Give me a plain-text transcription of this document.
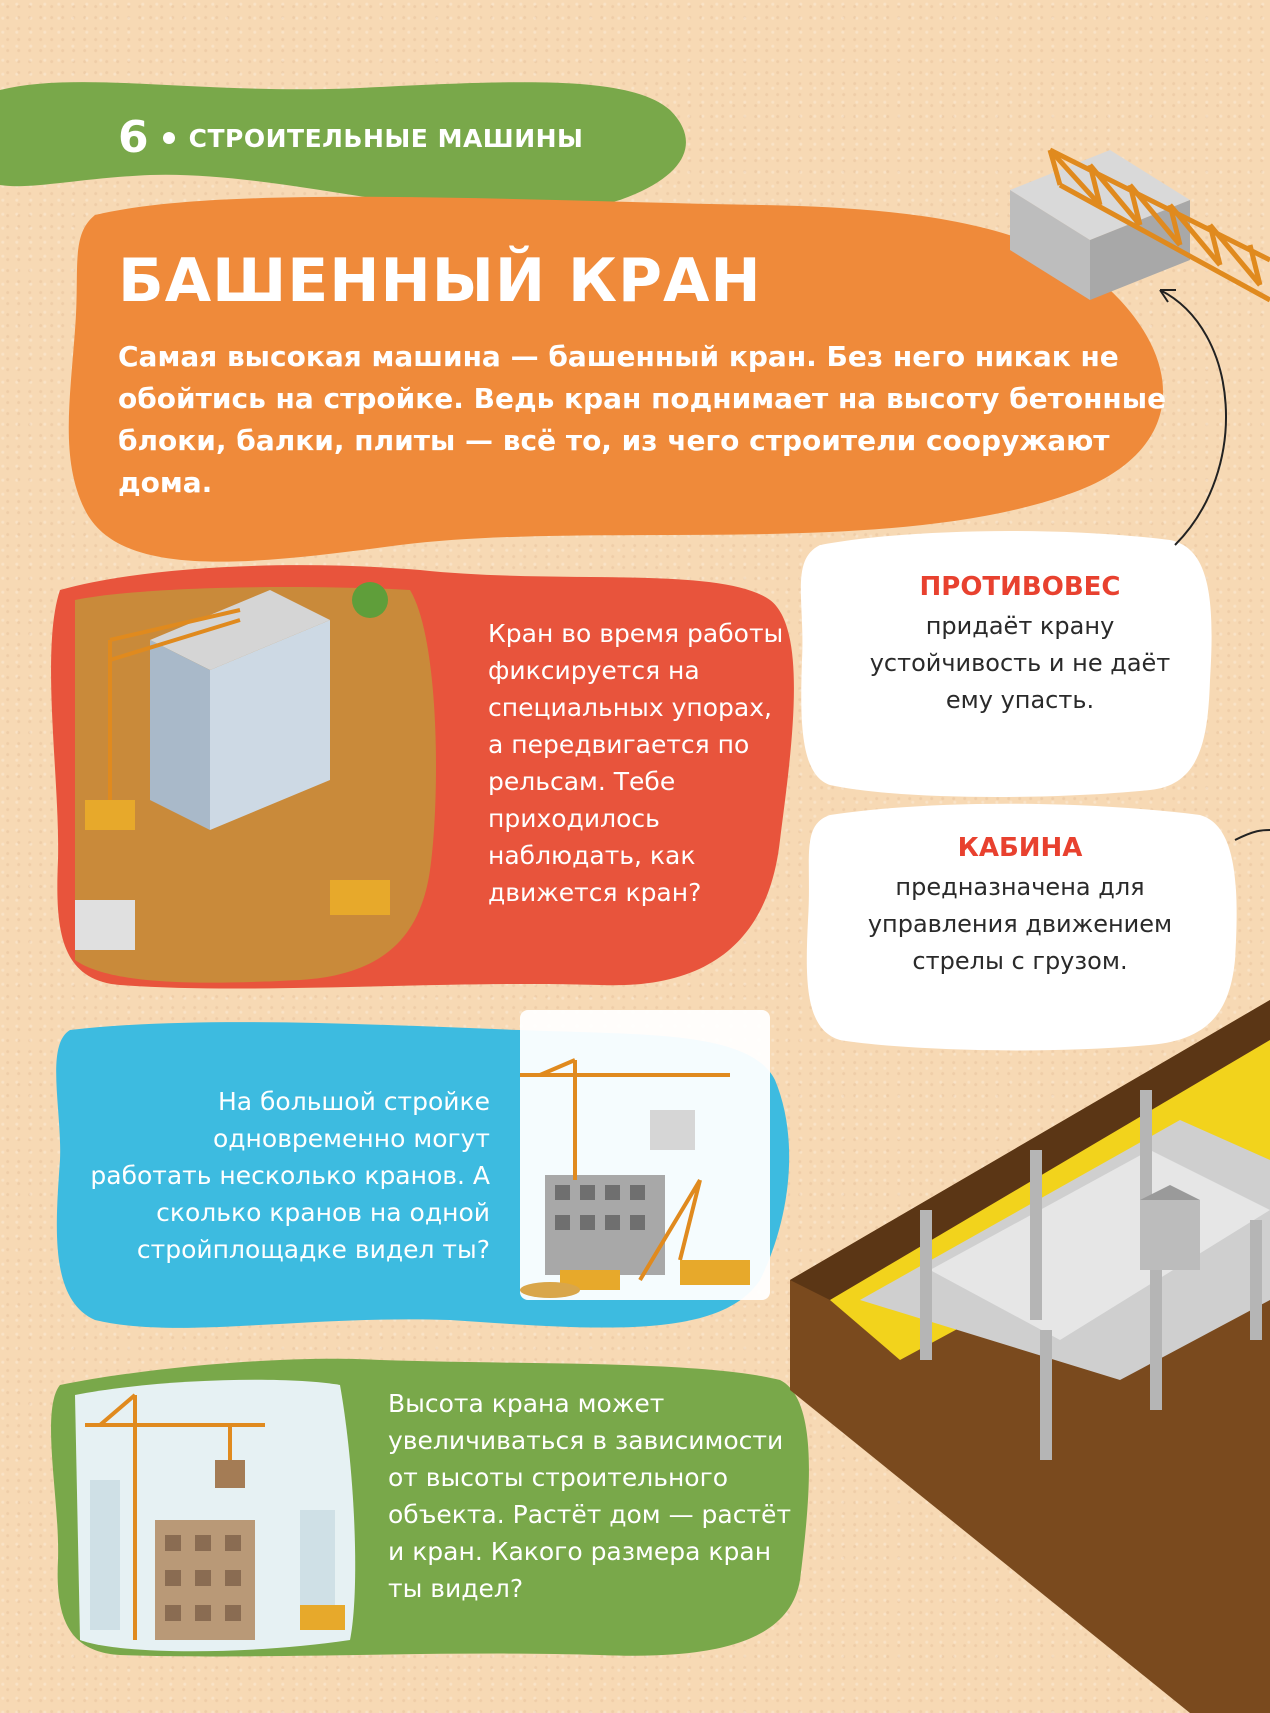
6 СТРОИТЕЛЬНЫЕ МАШИНЫ
БАШЕННЫЙ КРАН

Самая высокая машина — башенный кран. Без него никак не обойтись на стройке. Ведь кран поднимает на высоту бетонные блоки, балки, плиты — всё то, из чего строители сооружают дома.

Кран во время работы фиксируется на специальных упорах, а передвигается по рельсам. Тебе приходилось наблюдать, как движется кран?

На большой стройке одновременно могут работать несколько кранов. А сколько кранов на одной стройплощадке видел ты?

Высота крана может увеличиваться в зависимости от высоты строительного объекта. Растёт дом — растёт и кран. Какого размера кран ты видел?

ПРОТИВОВЕС

придаёт крану устойчивость и не даёт ему упасть.

КАБИНА

предназначена для управления движением стрелы с грузом.
